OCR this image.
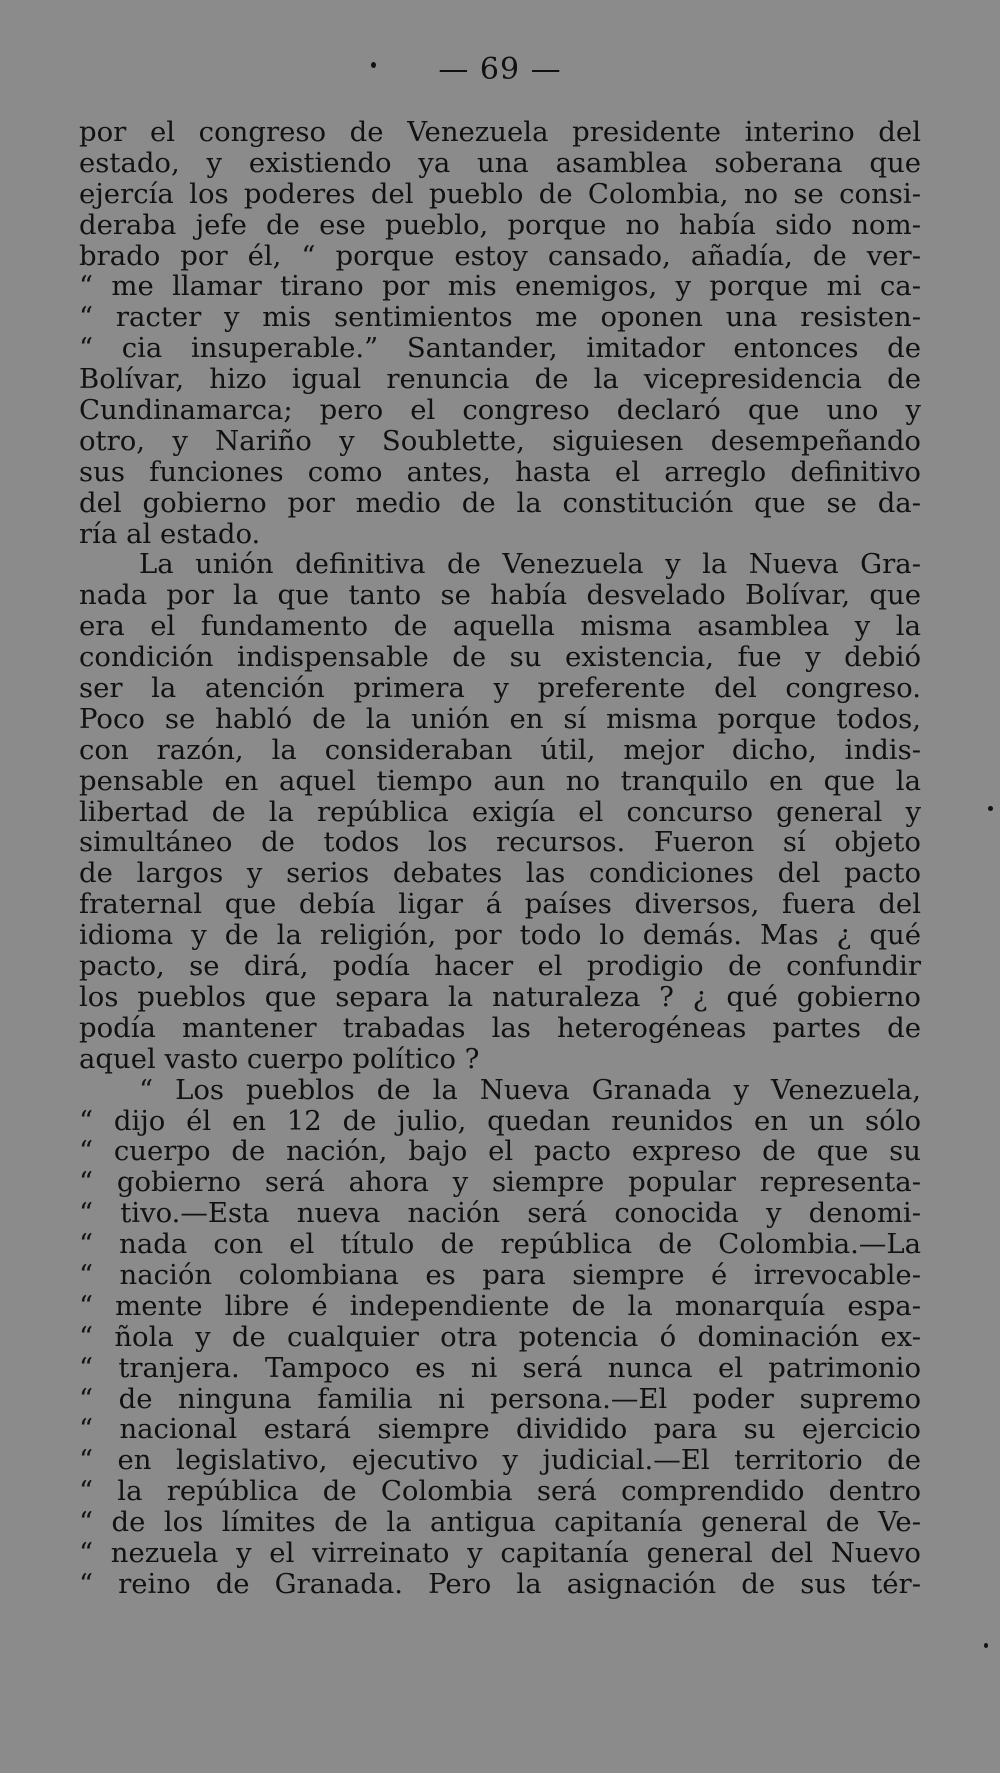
— 69 —
por el congreso de Venezuela presidente interino del
estado, y existiendo ya una asamblea soberana que
ejercía los poderes del pueblo de Colombia, no se consi-
deraba jefe de ese pueblo, porque no había sido nom-
brado por él, “ porque estoy cansado, añadía, de ver-
“ me llamar tirano por mis enemigos, y porque mi ca-
“ racter y mis sentimientos me oponen una resisten-
“ cia insuperable.” Santander, imitador entonces de
Bolívar, hizo igual renuncia de la vicepresidencia de
Cundinamarca; pero el congreso declaró que uno y
otro, y Nariño y Soublette, siguiesen desempeñando
sus funciones como antes, hasta el arreglo definitivo
del gobierno por medio de la constitución que se da-
ría al estado.
La unión definitiva de Venezuela y la Nueva Gra-
nada por la que tanto se había desvelado Bolívar, que
era el fundamento de aquella misma asamblea y la
condición indispensable de su existencia, fue y debió
ser la atención primera y preferente del congreso.
Poco se habló de la unión en sí misma porque todos,
con razón, la consideraban útil, mejor dicho, indis-
pensable en aquel tiempo aun no tranquilo en que la
libertad de la república exigía el concurso general y
simultáneo de todos los recursos. Fueron sí objeto
de largos y serios debates las condiciones del pacto
fraternal que debía ligar á países diversos, fuera del
idioma y de la religión, por todo lo demás. Mas ¿ qué
pacto, se dirá, podía hacer el prodigio de confundir
los pueblos que separa la naturaleza ? ¿ qué gobierno
podía mantener trabadas las heterogéneas partes de
aquel vasto cuerpo político ?
“ Los pueblos de la Nueva Granada y Venezuela,
“ dijo él en 12 de julio, quedan reunidos en un sólo
“ cuerpo de nación, bajo el pacto expreso de que su
“ gobierno será ahora y siempre popular representa-
“ tivo.—Esta nueva nación será conocida y denomi-
“ nada con el título de república de Colombia.—La
“ nación colombiana es para siempre é irrevocable-
“ mente libre é independiente de la monarquía espa-
“ ñola y de cualquier otra potencia ó dominación ex-
“ tranjera. Tampoco es ni será nunca el patrimonio
“ de ninguna familia ni persona.—El poder supremo
“ nacional estará siempre dividido para su ejercicio
“ en legislativo, ejecutivo y judicial.—El territorio de
“ la república de Colombia será comprendido dentro
“ de los límites de la antigua capitanía general de Ve-
“ nezuela y el virreinato y capitanía general del Nuevo
“ reino de Granada. Pero la asignación de sus tér-
